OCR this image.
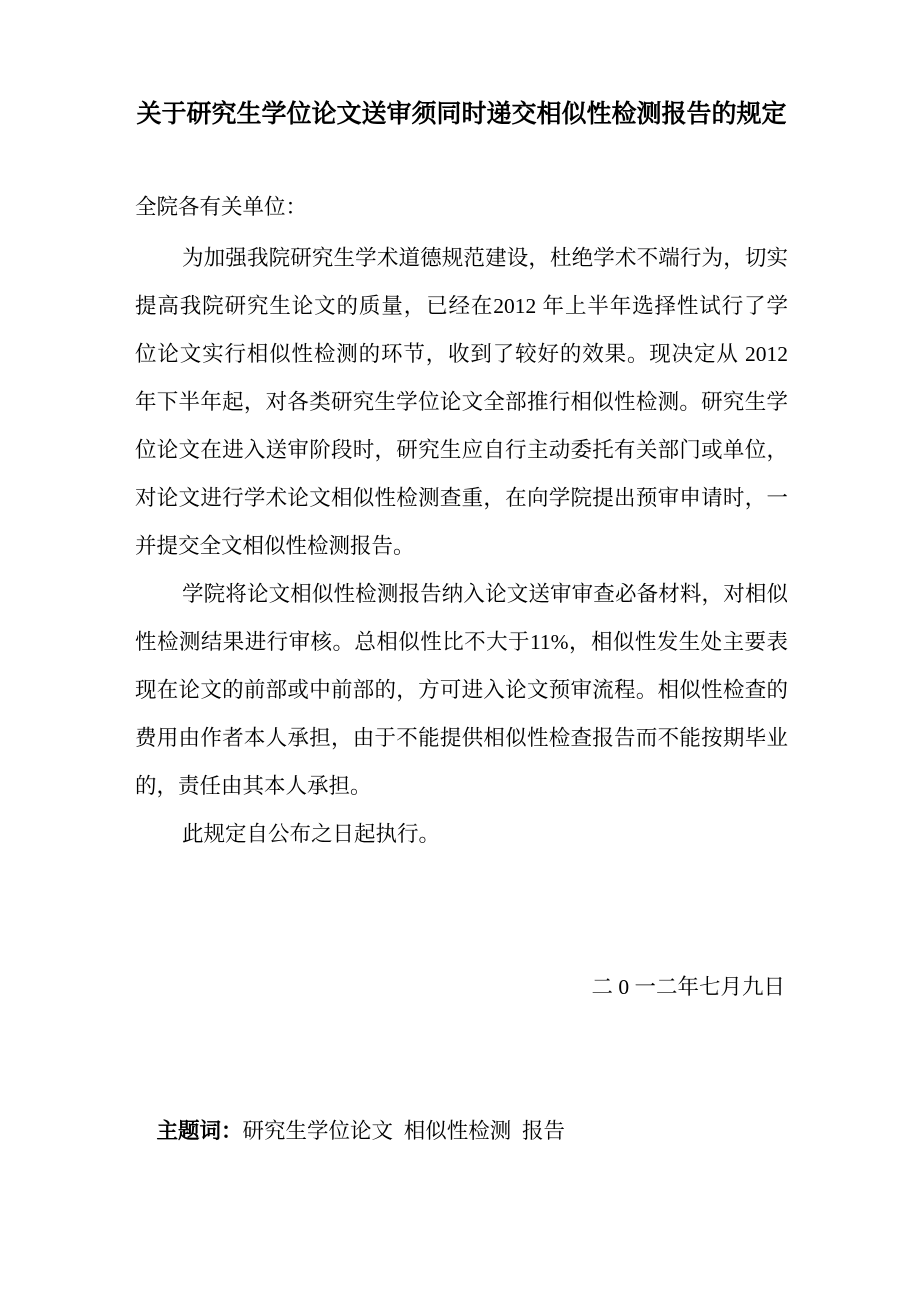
关于研究生学位论文送审须同时递交相似性检测报告的规定
全院各有关单位：
为加强我院研究生学术道德规范建设，杜绝学术不端行为，切实
提高我院研究生论文的质量，已经在2012 年上半年选择性试行了学
位论文实行相似性检测的环节，收到了较好的效果。现决定从 2012
年下半年起，对各类研究生学位论文全部推行相似性检测。研究生学
位论文在进入送审阶段时，研究生应自行主动委托有关部门或单位，
对论文进行学术论文相似性检测查重，在向学院提出预审申请时，一
并提交全文相似性检测报告。
学院将论文相似性检测报告纳入论文送审审查必备材料，对相似
性检测结果进行审核。总相似性比不大于11%，相似性发生处主要表
现在论文的前部或中前部的，方可进入论文预审流程。相似性检查的
费用由作者本人承担，由于不能提供相似性检查报告而不能按期毕业
的，责任由其本人承担。
此规定自公布之日起执行。
二 0 一二年七月九日

主题词：研究生学位论文  相似性检测  报告
